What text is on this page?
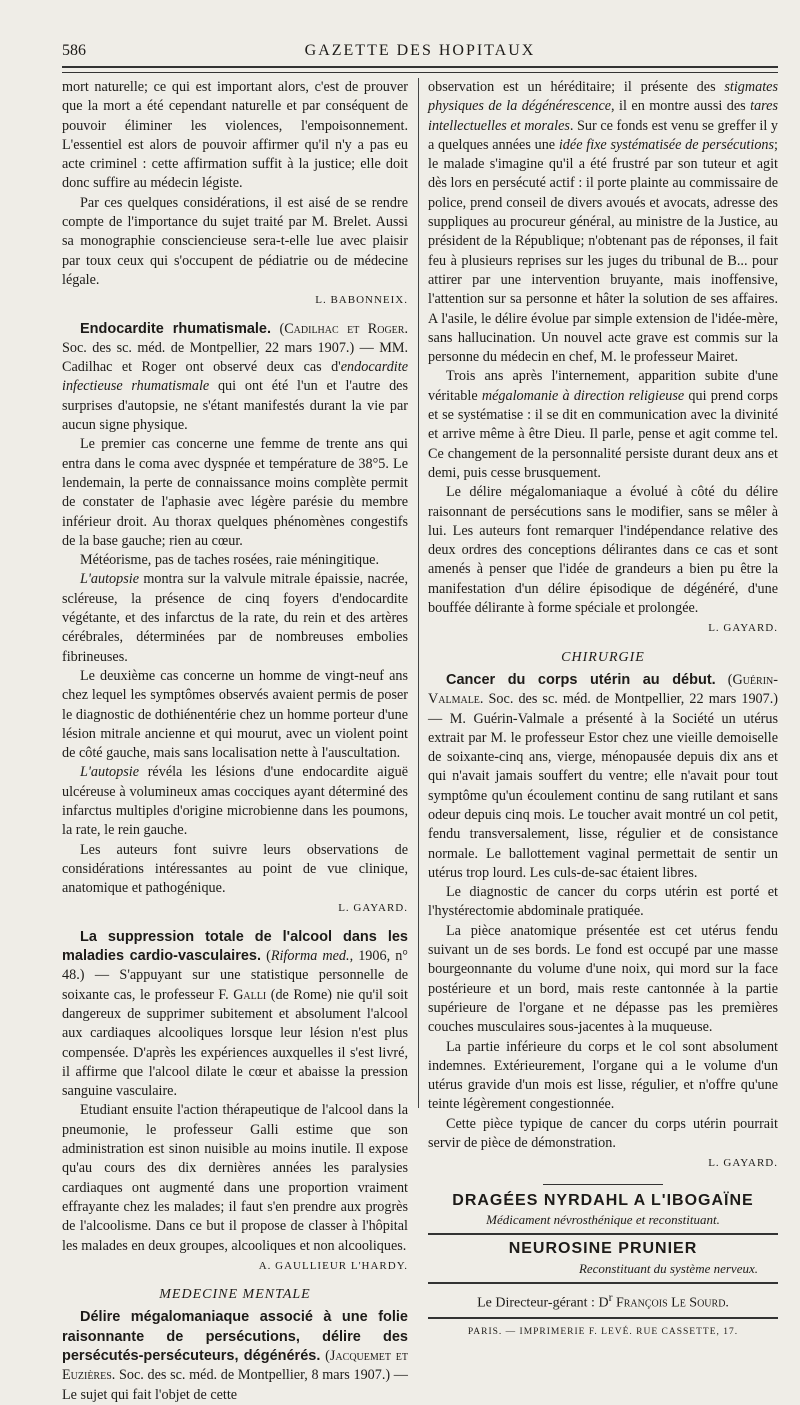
586	GAZETTE DES HOPITAUX

mort naturelle; ce qui est important alors, c'est de prouver que la mort a été cependant naturelle et par conséquent de pouvoir éliminer les violences, l'empoisonnement. L'essentiel est alors de pouvoir affirmer qu'il n'y a pas eu acte criminel : cette affirmation suffit à la justice; elle doit donc suffire au médecin légiste.

Par ces quelques considérations, il est aisé de se rendre compte de l'importance du sujet traité par M. Brelet. Aussi sa monographie consciencieuse sera-t-elle lue avec plaisir par toux ceux qui s'occupent de pédiatrie ou de médecine légale.

L. BABONNEIX.

Endocardite rhumatismale. (Cadilhac et Roger. Soc. des sc. méd. de Montpellier, 22 mars 1907.) — MM. Cadilhac et Roger ont observé deux cas d'endocardite infectieuse rhumatismale qui ont été l'un et l'autre des surprises d'autopsie, ne s'étant manifestés durant la vie par aucun signe physique.

Le premier cas concerne une femme de trente ans qui entra dans le coma avec dyspnée et température de 38°5. Le lendemain, la perte de connaissance moins complète permit de constater de l'aphasie avec légère parésie du membre inférieur droit. Au thorax quelques phénomènes congestifs de la base gauche; rien au cœur.

Météorisme, pas de taches rosées, raie méningitique.

L'autopsie montra sur la valvule mitrale épaissie, nacrée, scléreuse, la présence de cinq foyers d'endocardite végétante, et des infarctus de la rate, du rein et des artères cérébrales, déterminées par de nombreuses embolies fibrineuses.

Le deuxième cas concerne un homme de vingt-neuf ans chez lequel les symptômes observés avaient permis de poser le diagnostic de dothiénentérie chez un homme porteur d'une lésion mitrale ancienne et qui mourut, avec un violent point de côté gauche, mais sans localisation nette à l'auscultation.

L'autopsie révéla les lésions d'une endocardite aiguë ulcéreuse à volumineux amas cocciques ayant déterminé des infarctus multiples d'origine microbienne dans les poumons, la rate, le rein gauche.

Les auteurs font suivre leurs observations de considérations intéressantes au point de vue clinique, anatomique et pathogénique.

L. GAYARD.

La suppression totale de l'alcool dans les maladies cardio-vasculaires. (Riforma med., 1906, n° 48.) — S'appuyant sur une statistique personnelle de soixante cas, le professeur F. Galli (de Rome) nie qu'il soit dangereux de supprimer subitement et absolument l'alcool aux cardiaques alcooliques lorsque leur lésion n'est plus compensée. D'après les expériences auxquelles il s'est livré, il affirme que l'alcool dilate le cœur et abaisse la pression sanguine vasculaire.

Etudiant ensuite l'action thérapeutique de l'alcool dans la pneumonie, le professeur Galli estime que son administration est sinon nuisible au moins inutile. Il expose qu'au cours des dix dernières années les paralysies cardiaques ont augmenté dans une proportion vraiment effrayante chez les malades; il faut s'en prendre aux progrès de l'alcoolisme. Dans ce but il propose de classer à l'hôpital les malades en deux groupes, alcooliques et non alcooliques.

A. GAULLIEUR L'HARDY.
MEDECINE MENTALE

Délire mégalomaniaque associé à une folie raisonnante de persécutions, délire des persécutés-persécuteurs, dégénérés. (Jacquemet et Euzières. Soc. des sc. méd. de Montpellier, 8 mars 1907.) — Le sujet qui fait l'objet de cette

observation est un héréditaire; il présente des stigmates physiques de la dégénérescence, il en montre aussi des tares intellectuelles et morales. Sur ce fonds est venu se greffer il y a quelques années une idée fixe systématisée de persécutions; le malade s'imagine qu'il a été frustré par son tuteur et agit dès lors en persécuté actif : il porte plainte au commissaire de police, prend conseil de divers avoués et avocats, adresse des suppliques au procureur général, au ministre de la Justice, au président de la République; n'obtenant pas de réponses, il fait feu à plusieurs reprises sur les juges du tribunal de B... pour attirer par une intervention bruyante, mais inoffensive, l'attention sur sa personne et hâter la solution de ses affaires. A l'asile, le délire évolue par simple extension de l'idée-mère, sans hallucination. Un nouvel acte grave est commis sur la personne du médecin en chef, M. le professeur Mairet.

Trois ans après l'internement, apparition subite d'une véritable mégalomanie à direction religieuse qui prend corps et se systématise : il se dit en communication avec la divinité et arrive même à être Dieu. Il parle, pense et agit comme tel. Ce changement de la personnalité persiste durant deux ans et demi, puis cesse brusquement.

Le délire mégalomaniaque a évolué à côté du délire raisonnant de persécutions sans le modifier, sans se mêler à lui. Les auteurs font remarquer l'indépendance relative des deux ordres des conceptions délirantes dans ce cas et sont amenés à penser que l'idée de grandeurs a bien pu être la manifestation d'un délire épisodique de dégénéré, d'une bouffée délirante à forme spéciale et prolongée.

L. GAYARD.
CHIRURGIE

Cancer du corps utérin au début. (Guérin-Valmale. Soc. des sc. méd. de Montpellier, 22 mars 1907.) — M. Guérin-Valmale a présenté à la Société un utérus extrait par M. le professeur Estor chez une vieille demoiselle de soixante-cinq ans, vierge, ménopausée depuis dix ans et qui n'avait jamais souffert du ventre; elle n'avait pour tout symptôme qu'un écoulement continu de sang rutilant et sans odeur depuis cinq mois. Le toucher avait montré un col petit, fendu transversalement, lisse, régulier et de consistance normale. Le ballottement vaginal permettait de sentir un utérus trop lourd. Les culs-de-sac étaient libres.

Le diagnostic de cancer du corps utérin est porté et l'hystérectomie abdominale pratiquée.

La pièce anatomique présentée est cet utérus fendu suivant un de ses bords. Le fond est occupé par une masse bourgeonnante du volume d'une noix, qui mord sur la face postérieure et un bord, mais reste cantonnée à la partie supérieure de l'organe et ne dépasse pas les premières couches musculaires sous-jacentes à la muqueuse.

La partie inférieure du corps et le col sont absolument indemnes. Extérieurement, l'organe qui a le volume d'un utérus gravide d'un mois est lisse, régulier, et n'offre qu'une teinte légèrement congestionnée.

Cette pièce typique de cancer du corps utérin pourrait servir de pièce de démonstration.

L. GAYARD.
DRAGÉES NYRDAHL A L'IBOGAÏNE
Médicament névrosthénique et reconstituant.
NEUROSINE PRUNIER
Reconstituant du système nerveux.
Le Directeur-gérant : $D^r$ François Le Sourd.
PARIS. — IMPRIMERIE F. LEVÉ. RUE CASSETTE, 17.
